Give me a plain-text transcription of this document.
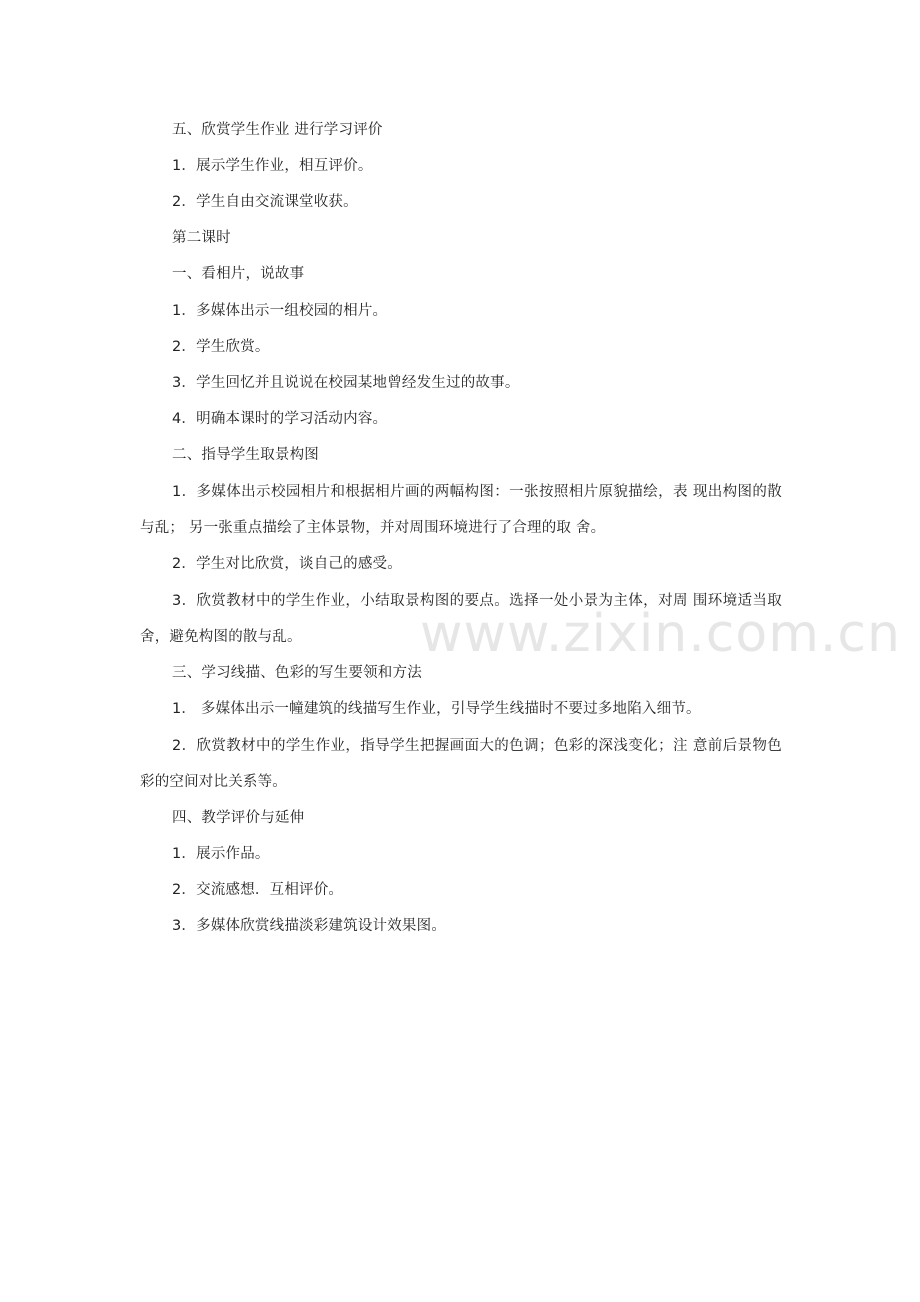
www.zixin.com.cn
五、欣赏学生作业 进行学习评价
1．展示学生作业，相互评价。
2．学生自由交流课堂收获。
第二课时
一、看相片，说故事
1．多媒体出示一组校园的相片。
2．学生欣赏。
3．学生回忆并且说说在校园某地曾经发生过的故事。
4．明确本课时的学习活动内容。
二、指导学生取景构图
1．多媒体出示校园相片和根据相片画的两幅构图：一张按照相片原貌描绘，表 现出构图的散与乱； 另一张重点描绘了主体景物，并对周围环境进行了合理的取 舍。
2．学生对比欣赏，谈自己的感受。
3．欣赏教材中的学生作业，小结取景构图的要点。选择一处小景为主体，对周 围环境适当取舍，避免构图的散与乱。
三、学习线描、色彩的写生要领和方法
1． 多媒体出示一幢建筑的线描写生作业，引导学生线描时不要过多地陷入细节。
2．欣赏教材中的学生作业，指导学生把握画面大的色调；色彩的深浅变化；注 意前后景物色彩的空间对比关系等。
四、教学评价与延伸
1．展示作品。
2．交流感想．互相评价。
3．多媒体欣赏线描淡彩建筑设计效果图。
